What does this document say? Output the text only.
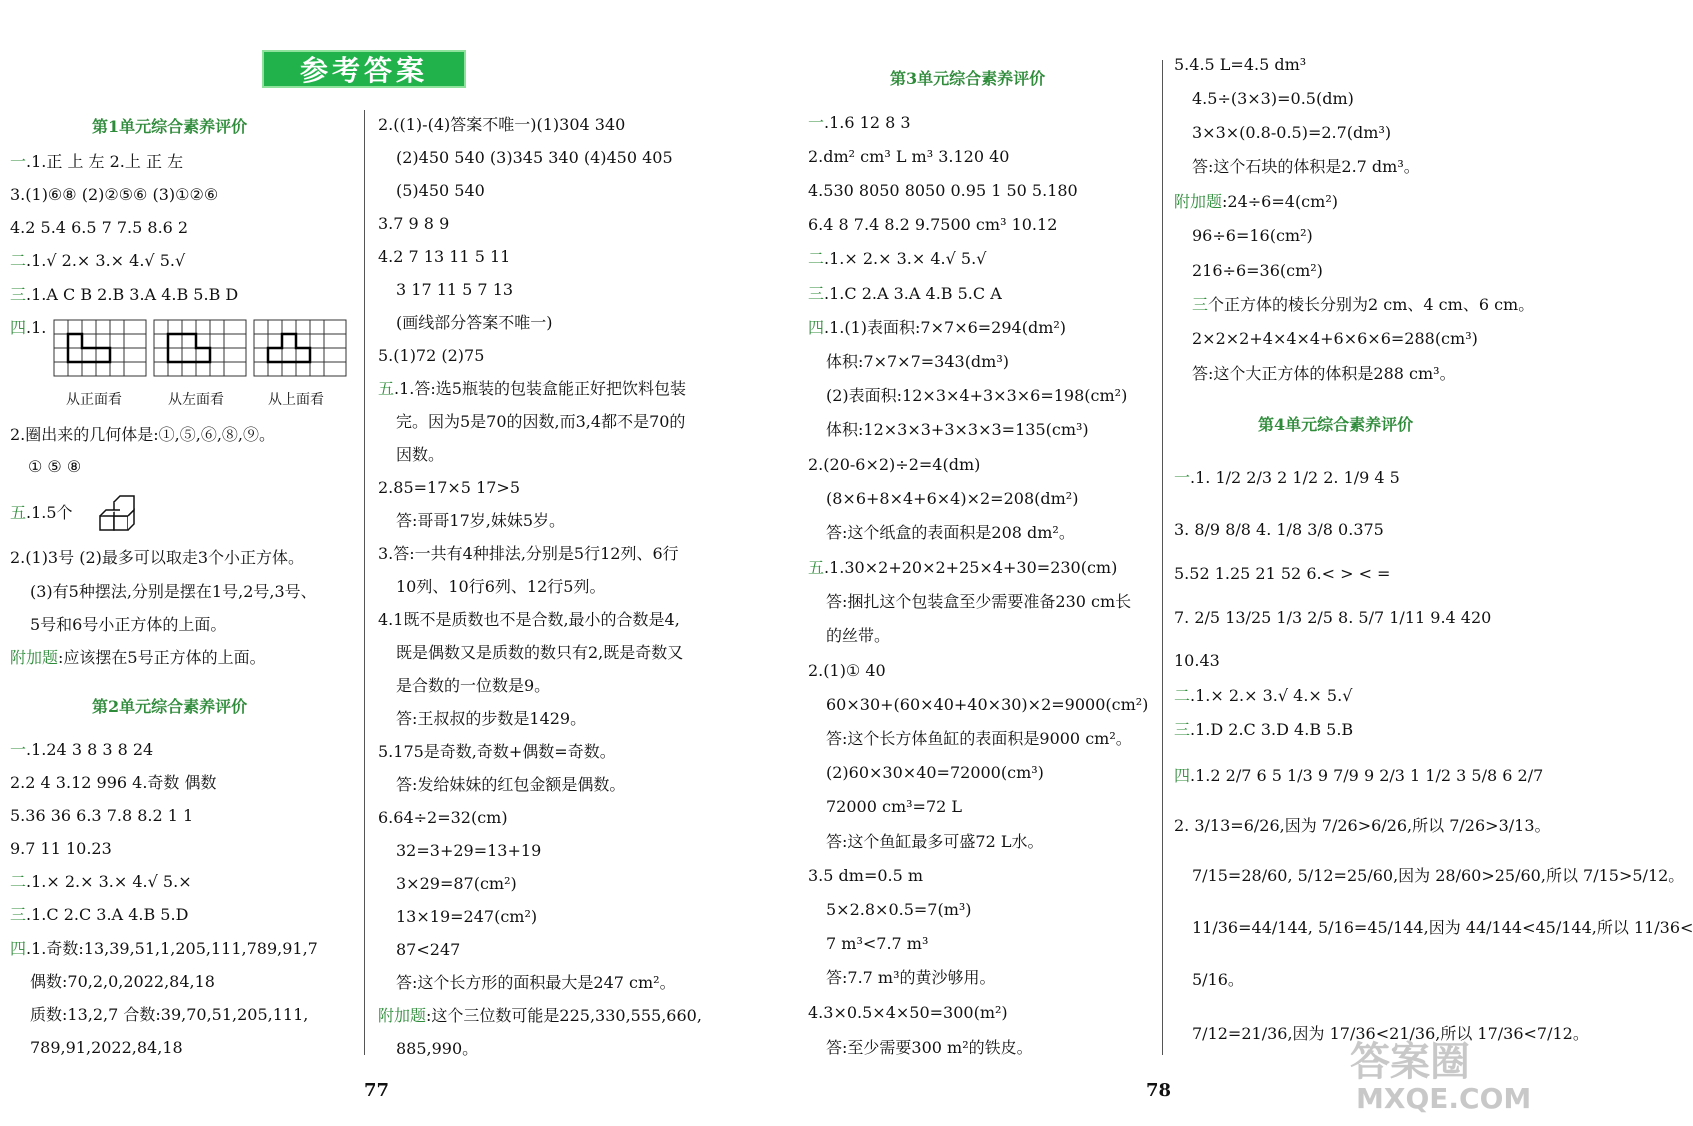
参考答案
第1单元综合素养评价
第2单元综合素养评价
第3单元综合素养评价
第4单元综合素养评价
一.1.正 上 左 2.上 正 左
3.(1)⑥⑧ (2)②⑤⑥ (3)①②⑥
4.2 5.4 6.5 7 7.5 8.6 2
二.1.√ 2.× 3.× 4.√ 5.√
三.1.A C B 2.B 3.A 4.B 5.B D
四.1.
2.圈出来的几何体是:①,⑤,⑥,⑧,⑨。
① ⑤ ⑧
五.1.5个
2.(1)3号 (2)最多可以取走3个小正方体。
(3)有5种摆法,分别是摆在1号,2号,3号、
5号和6号小正方体的上面。
附加题:应该摆在5号正方体的上面。
一.1.24 3 8 3 8 24
2.2 4 3.12 996 4.奇数 偶数
5.36 36 6.3 7.8 8.2 1 1
9.7 11 10.23
二.1.× 2.× 3.× 4.√ 5.×
三.1.C 2.C 3.A 4.B 5.D
四.1.奇数:13,39,51,1,205,111,789,91,7
偶数:70,2,0,2022,84,18
质数:13,2,7 合数:39,70,51,205,111,
789,91,2022,84,18
2.((1)-(4)答案不唯一)(1)304 340
(2)450 540 (3)345 340 (4)450 405
(5)450 540
3.7 9 8 9
4.2 7 13 11 5 11
3 17 11 5 7 13
(画线部分答案不唯一)
5.(1)72 (2)75
五.1.答:选5瓶装的包装盒能正好把饮料包装
完。因为5是70的因数,而3,4都不是70的
因数。
2.85=17×5 17>5
答:哥哥17岁,妹妹5岁。
3.答:一共有4种排法,分别是5行12列、6行
10列、10行6列、12行5列。
4.1既不是质数也不是合数,最小的合数是4,
既是偶数又是质数的数只有2,既是奇数又
是合数的一位数是9。
答:王叔叔的步数是1429。
5.175是奇数,奇数+偶数=奇数。
答:发给妹妹的红包金额是偶数。
6.64÷2=32(cm)
32=3+29=13+19
3×29=87(cm²)
13×19=247(cm²)
87<247
答:这个长方形的面积最大是247 cm²。
附加题:这个三位数可能是225,330,555,660,
885,990。
一.1.6 12 8 3
2.dm² cm³ L m³ 3.120 40
4.530 8050 8050 0.95 1 50 5.180
6.4 8 7.4 8.2 9.7500 cm³ 10.12
二.1.× 2.× 3.× 4.√ 5.√
三.1.C 2.A 3.A 4.B 5.C A
四.1.(1)表面积:7×7×6=294(dm²)
体积:7×7×7=343(dm³)
(2)表面积:12×3×4+3×3×6=198(cm²)
体积:12×3×3+3×3×3=135(cm³)
2.(20-6×2)÷2=4(dm)
(8×6+8×4+6×4)×2=208(dm²)
答:这个纸盒的表面积是208 dm²。
五.1.30×2+20×2+25×4+30=230(cm)
答:捆扎这个包装盒至少需要准备230 cm长
的丝带。
2.(1)① 40
60×30+(60×40+40×30)×2=9000(cm²)
答:这个长方体鱼缸的表面积是9000 cm²。
(2)60×30×40=72000(cm³)
72000 cm³=72 L
答:这个鱼缸最多可盛72 L水。
3.5 dm=0.5 m
5×2.8×0.5=7(m³)
7 m³<7.7 m³
答:7.7 m³的黄沙够用。
4.3×0.5×4×50=300(m²)
答:至少需要300 m²的铁皮。
5.4.5 L=4.5 dm³
4.5÷(3×3)=0.5(dm)
3×3×(0.8-0.5)=2.7(dm³)
答:这个石块的体积是2.7 dm³。
附加题:24÷6=4(cm²)
96÷6=16(cm²)
216÷6=36(cm²)
三个正方体的棱长分别为2 cm、4 cm、6 cm。
2×2×2+4×4×4+6×6×6=288(cm³)
答:这个大正方体的体积是288 cm³。
一.1. 1/2 2/3 2 1/2 2. 1/9 4 5
3. 8/9 8/8 4. 1/8 3/8 0.375
5.52 1.25 21 52 6.< > < =
7. 2/5 13/25 1/3 2/5 8. 5/7 1/11 9.4 420
10.43
二.1.× 2.× 3.√ 4.× 5.√
三.1.D 2.C 3.D 4.B 5.B
四.1.2 2/7 6 5 1/3 9 7/9 9 2/3 1 1/2 3 5/8 6 2/7
2. 3/13=6/26,因为 7/26>6/26,所以 7/26>3/13。
7/15=28/60, 5/12=25/60,因为 28/60>25/60,所以 7/15>5/12。
11/36=44/144, 5/16=45/144,因为 44/144<45/144,所以 11/36<
5/16。
7/12=21/36,因为 17/36<21/36,所以 17/36<7/12。
从正面看	从左面看	从上面看
77	78
答案圈
MXQE.COM
